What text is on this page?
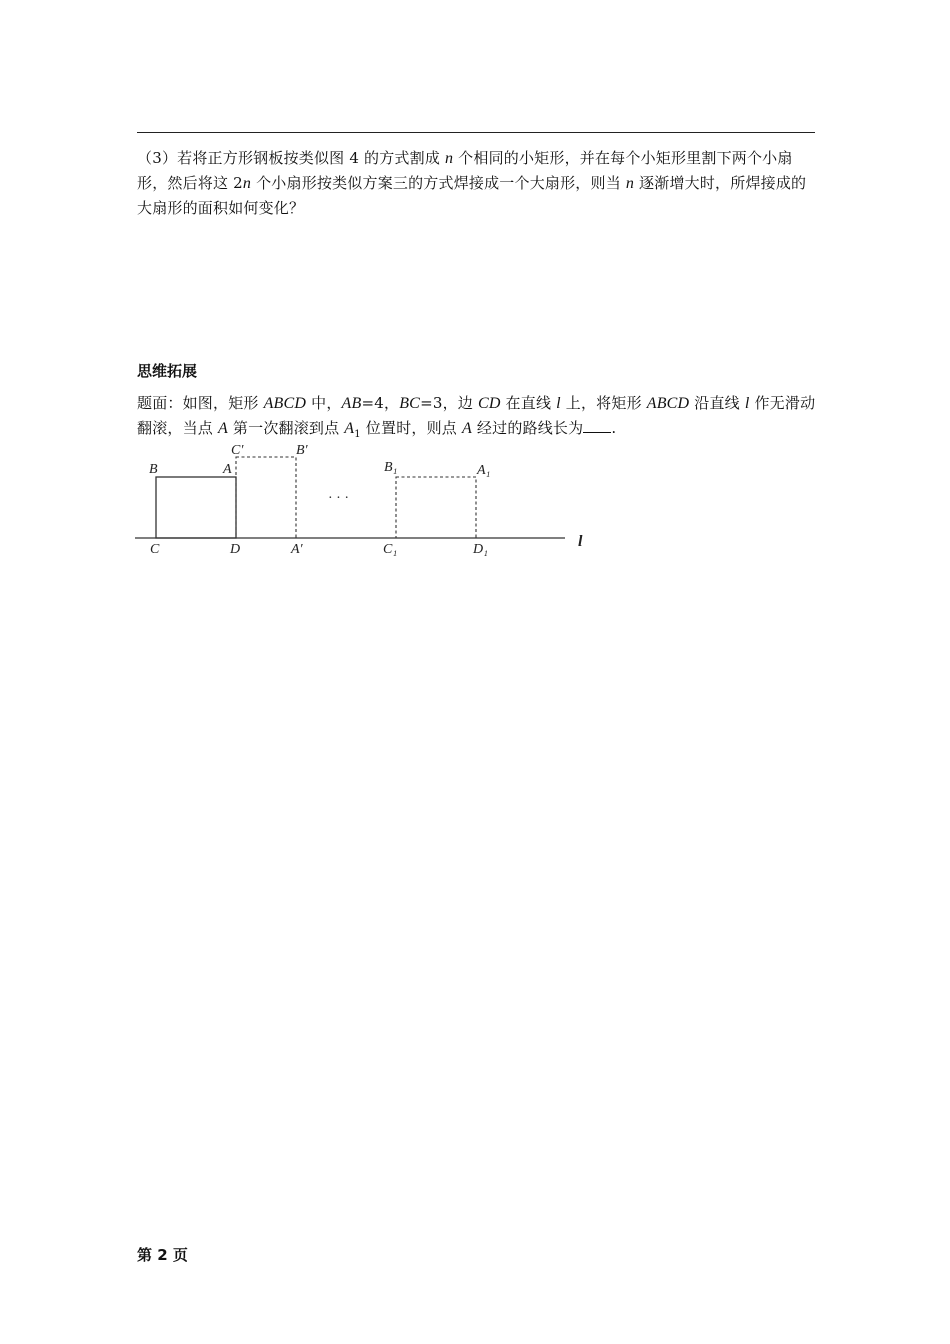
（3）若将正方形钢板按类似图 4 的方式割成 n 个相同的小矩形，并在每个小矩形里割下两个小扇形，然后将这 2n 个小扇形按类似方案三的方式焊接成一个大扇形，则当 n 逐渐增大时，所焊接成的大扇形的面积如何变化？
思维拓展
题面：如图，矩形 ABCD 中，AB=4，BC=3，边 CD 在直线 l 上，将矩形 ABCD 沿直线 l 作无滑动翻滚，当点 A 第一次翻滚到点 $A_1$ 位置时，则点 A 经过的路线长为 .
B	A
C′	B′
B₁	A₁
C	D	A′	C₁	D₁	l
· · ·
第 2 页
